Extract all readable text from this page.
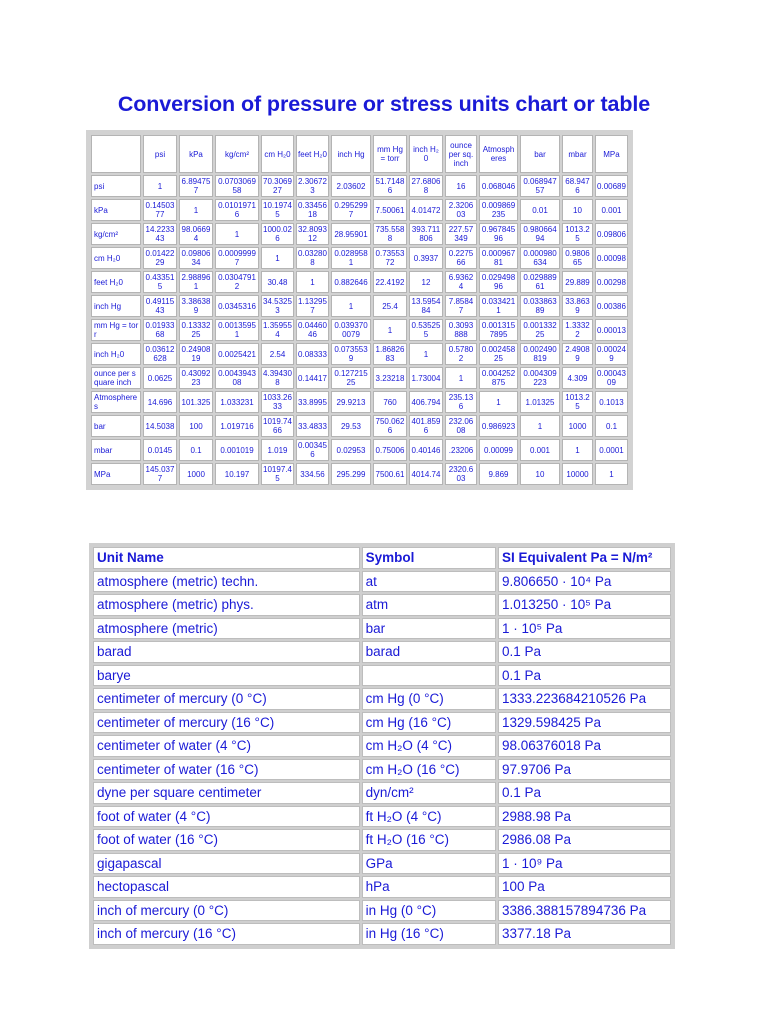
Conversion of pressure or stress units chart or table
	psi	kPa	kg/cm²	cm H₂0	feet H₂0	inch Hg	mm Hg = torr	inch H₂0	ounce per sq. inch	Atmospheres	bar	mbar	MPa
psi	1	6.894757	0.070306958	70.306927	2.306723	2.03602	51.71486	27.68068	16	0.068046	0.06894757	68.9476	0.00689
kPa	0.1450377	1	0.01019716	10.19745	0.3345618	0.2952997	7.50061	4.01472	2.320603	0.009869235	0.01	10	0.001
kg/cm²	14.223343	98.06694	1	1000.026	32.809312	28.95901	735.5588	393.711806	227.57349	0.96784596	0.98066494	1013.25	0.09806
cm H₂0	0.0142229	0.0980634	0.00099997	1	0.032808	0.0289581	0.7355372	0.3937	0.227566	0.00096781	0.000980634	0.980665	0.00098
feet H₂0	0.433515	2.988961	0.03047912	30.48	1	0.882646	22.4192	12	6.93624	0.02949896	0.02988961	29.889	0.00298
inch Hg	0.4911543	3.386389	0.0345316	34.53253	1.132957	1	25.4	13.595484	7.85847	0.0334211	0.03386389	33.8639	0.00386
mm Hg = torr	0.0193368	0.1333225	0.00135951	1.359554	0.0446046	0.0393700079	1	0.535255	0.3093888	0.0013157895	0.00133225	1.33322	0.00013
inch H₂0	0.03612628	0.2490819	0.0025421	2.54	0.08333	0.0735539	1.8682683	1	0.57802	0.00245825	0.002490819	2.49089	0.000249
ounce per square inch	0.0625	0.4309223	0.004394308	4.394308	0.14417	0.12721525	3.23218	1.73004	1	0.004252875	0.004309223	4.309	0.0004309
Atmospheres	14.696	101.325	1.033231	1033.2633	33.8995	29.9213	760	406.794	235.136	1	1.01325	1013.25	0.1013
bar	14.5038	100	1.019716	1019.7466	33.4833	29.53	750.0626	401.8596	232.0608	0.986923	1	1000	0.1
mbar	0.0145	0.1	0.001019	1.019	0.003456	0.02953	0.75006	0.40146	.23206	0.00099	0.001	1	0.0001
MPa	145.0377	1000	10.197	10197.45	334.56	295.299	7500.61	4014.74	2320.603	9.869	10	10000	1
Unit Name	Symbol	SI Equivalent Pa = N/m²
atmosphere (metric) techn.	at	9.806650 · 10⁴ Pa
atmosphere (metric) phys.	atm	1.013250 · 10⁵ Pa
atmosphere (metric)	bar	1 · 10⁵ Pa
barad	barad	0.1 Pa
barye		0.1 Pa
centimeter of mercury (0 °C)	cm Hg (0 °C)	1333.223684210526 Pa
centimeter of mercury (16 °C)	cm Hg (16 °C)	1329.598425 Pa
centimeter of water (4 °C)	cm H₂O (4 °C)	98.06376018 Pa
centimeter of water (16 °C)	cm H₂O (16 °C)	97.9706 Pa
dyne per square centimeter	dyn/cm²	0.1 Pa
foot of water (4 °C)	ft H₂O (4 °C)	2988.98 Pa
foot of water (16 °C)	ft H₂O (16 °C)	2986.08 Pa
gigapascal	GPa	1 · 10⁹ Pa
hectopascal	hPa	100 Pa
inch of mercury (0 °C)	in Hg (0 °C)	3386.388157894736 Pa
inch of mercury (16 °C)	in Hg (16 °C)	3377.18 Pa
